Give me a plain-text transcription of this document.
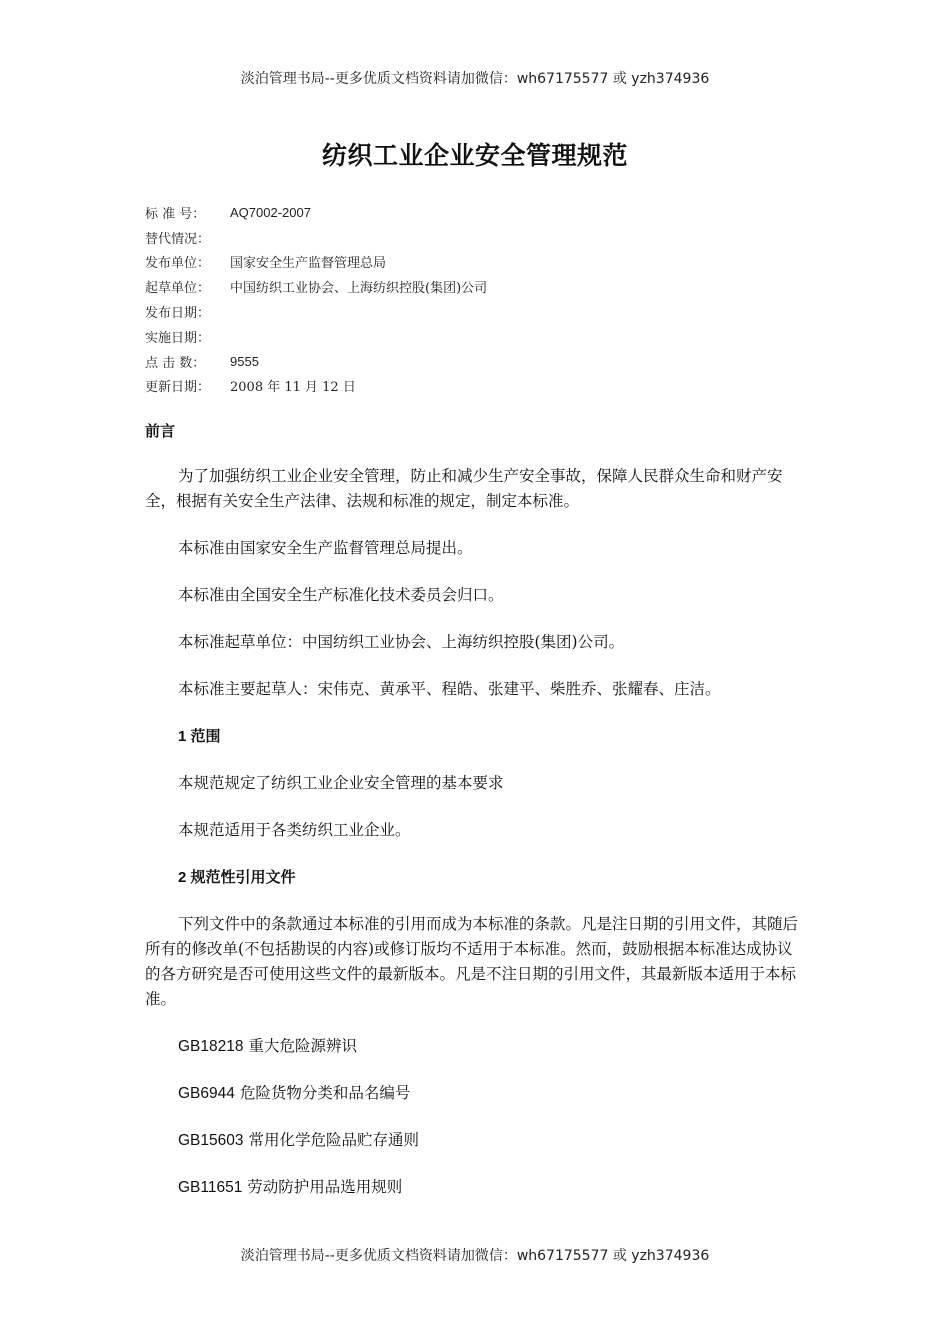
淡泊管理书局--更多优质文档资料请加微信：wh67175577 或 yzh374936
纺织工业企业安全管理规范
标 准 号：	AQ7002-2007
替代情况：
发布单位：	国家安全生产监督管理总局
起草单位：	中国纺织工业协会、上海纺织控股(集团)公司
发布日期：
实施日期：
点 击 数：	9555
更新日期：	2008 年 11 月 12 日
前言

为了加强纺织工业企业安全管理，防止和减少生产安全事故，保障人民群众生命和财产安全，根据有关安全生产法律、法规和标准的规定，制定本标准。

本标准由国家安全生产监督管理总局提出。

本标准由全国安全生产标准化技术委员会归口。

本标准起草单位：中国纺织工业协会、上海纺织控股(集团)公司。

本标准主要起草人：宋伟克、黄承平、程皓、张建平、柴胜乔、张耀春、庄洁。

1 范围

本规范规定了纺织工业企业安全管理的基本要求

本规范适用于各类纺织工业企业。

2 规范性引用文件

下列文件中的条款通过本标准的引用而成为本标准的条款。凡是注日期的引用文件，其随后所有的修改单(不包括勘误的内容)或修订版均不适用于本标准。然而，鼓励根据本标准达成协议的各方研究是否可使用这些文件的最新版本。凡是不注日期的引用文件，其最新版本适用于本标准。

GB18218 重大危险源辨识
GB6944 危险货物分类和品名编号
GB15603 常用化学危险品贮存通则
GB11651 劳动防护用品选用规则
淡泊管理书局--更多优质文档资料请加微信：wh67175577 或 yzh374936
